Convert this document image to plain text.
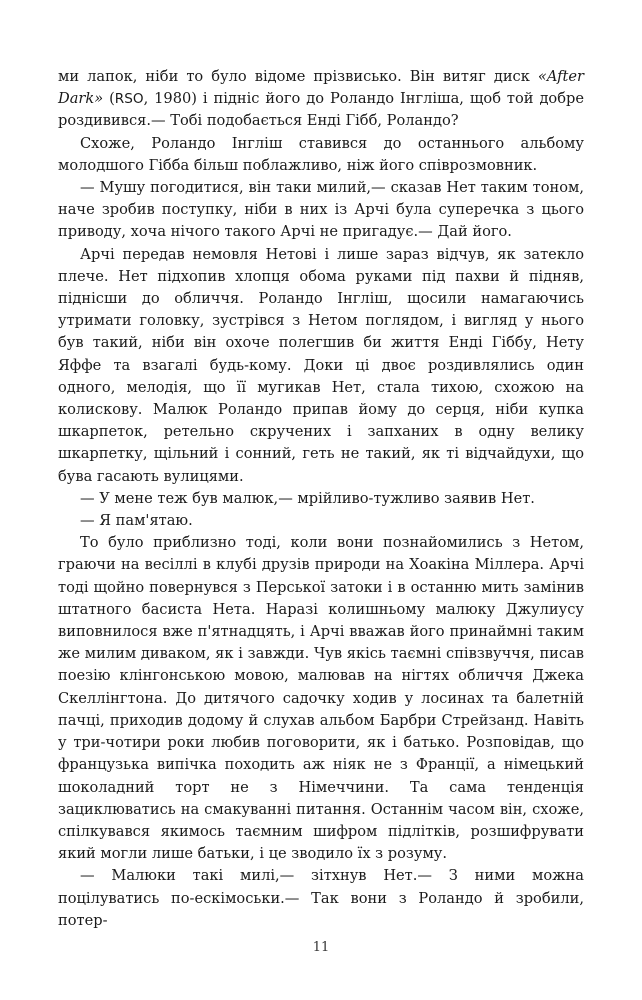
ми лапок, ніби то було відоме прізвисько. Він витяг диск «After Dark» (RSO, 1980) і підніс його до Роландо Інгліша, щоб той добре роздивився.— Тобі подобається Енді Гібб, Роландо?

Схоже, Роландо Інгліш ставився до останнього альбому молодшого Гібба більш поблажливо, ніж його співрозмовник.

— Мушу погодитися, він таки милий,— сказав Нет таким тоном, наче зробив поступку, ніби в них із Арчі була суперечка з цього приводу, хоча нічого такого Арчі не пригадує.— Дай його.

Арчі передав немовля Нетові і лише зараз відчув, як затекло плече. Нет підхопив хлопця обома руками під пахви й підняв, піднісши до обличчя. Роландо Інгліш, щосили намагаючись утримати головку, зустрівся з Нетом поглядом, і вигляд у нього був такий, ніби він охоче полегшив би життя Енді Гіббу, Нету Яффе та взагалі будь-кому. Доки ці двоє роздивлялись один одного, мелодія, що її мугикав Нет, стала тихою, схожою на колискову. Малюк Роландо припав йому до серця, ніби купка шкарпеток, ретельно скручених і запханих в одну велику шкарпетку, щільний і сонний, геть не такий, як ті відчайдухи, що бува гасають вулицями.

— У мене теж був малюк,— мрійливо-тужливо заявив Нет.

— Я пам'ятаю.

То було приблизно тоді, коли вони познайомились з Нетом, граючи на весіллі в клубі друзів природи на Хоакіна Міллера. Арчі тоді щойно повернувся з Перської затоки і в останню мить замінив штатного басиста Нета. Наразі колишньому малюку Джулиусу виповнилося вже п'ятнадцять, і Арчі вважав його принаймні таким же милим диваком, як і завжди. Чув якісь таємні співзвуччя, писав поезію клінгонською мовою, малював на нігтях обличчя Джека Скеллінгтона. До дитячого садочку ходив у лосинах та балетній пачці, приходив додому й слухав альбом Барбри Стрейзанд. Навіть у три-чотири роки любив поговорити, як і батько. Розповідав, що французька випічка походить аж ніяк не з Франції, а німецький шоколадний торт не з Німеччини. Та сама тенденція зациклюватись на смакуванні питання. Останнім часом він, схоже, спілкувався якимось таємним шифром підлітків, розшифрувати який могли лише батьки, і це зводило їх з розуму.

— Малюки такі милі,— зітхнув Нет.— З ними можна поцілуватись по-ескімоськи.— Так вони з Роландо й зробили, потер-

11
